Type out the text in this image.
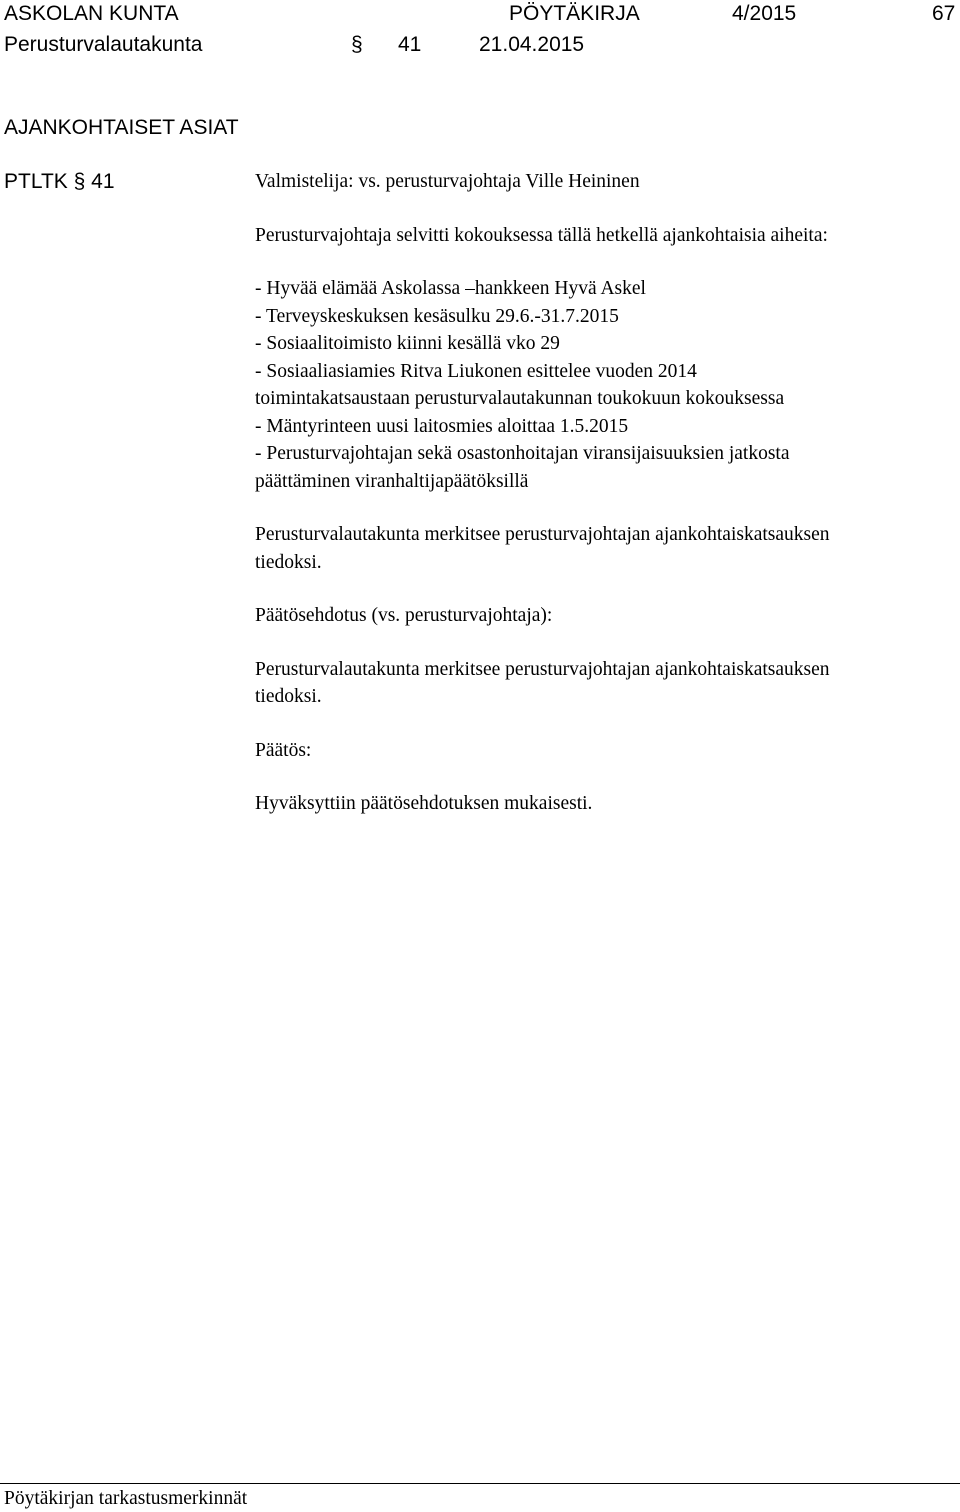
ASKOLAN KUNTA	PÖYTÄKIRJA	4/2015	67
Perusturvalautakunta	§ 41	21.04.2015
AJANKOHTAISET ASIAT
PTLTK § 41	Valmistelija: vs. perusturvajohtaja Ville Heininen
Perusturvajohtaja selvitti kokouksessa tällä hetkellä ajankohtaisia aiheita:
- Hyvää elämää Askolassa –hankkeen Hyvä Askel
- Terveyskeskuksen kesäsulku 29.6.-31.7.2015
- Sosiaalitoimisto kiinni kesällä vko 29
- Sosiaaliasiamies Ritva Liukonen esittelee vuoden 2014
toimintakatsaustaan perusturvalautakunnan toukokuun kokouksessa
- Mäntyrinteen uusi laitosmies aloittaa 1.5.2015
- Perusturvajohtajan sekä osastonhoitajan viransijaisuuksien jatkosta
päättäminen viranhaltijapäätöksillä
Perusturvalautakunta merkitsee perusturvajohtajan ajankohtaiskatsauksen
tiedoksi.
Päätösehdotus (vs. perusturvajohtaja):
Perusturvalautakunta merkitsee perusturvajohtajan ajankohtaiskatsauksen
tiedoksi.
Päätös:
Hyväksyttiin päätösehdotuksen mukaisesti.
Pöytäkirjan tarkastusmerkinnät
